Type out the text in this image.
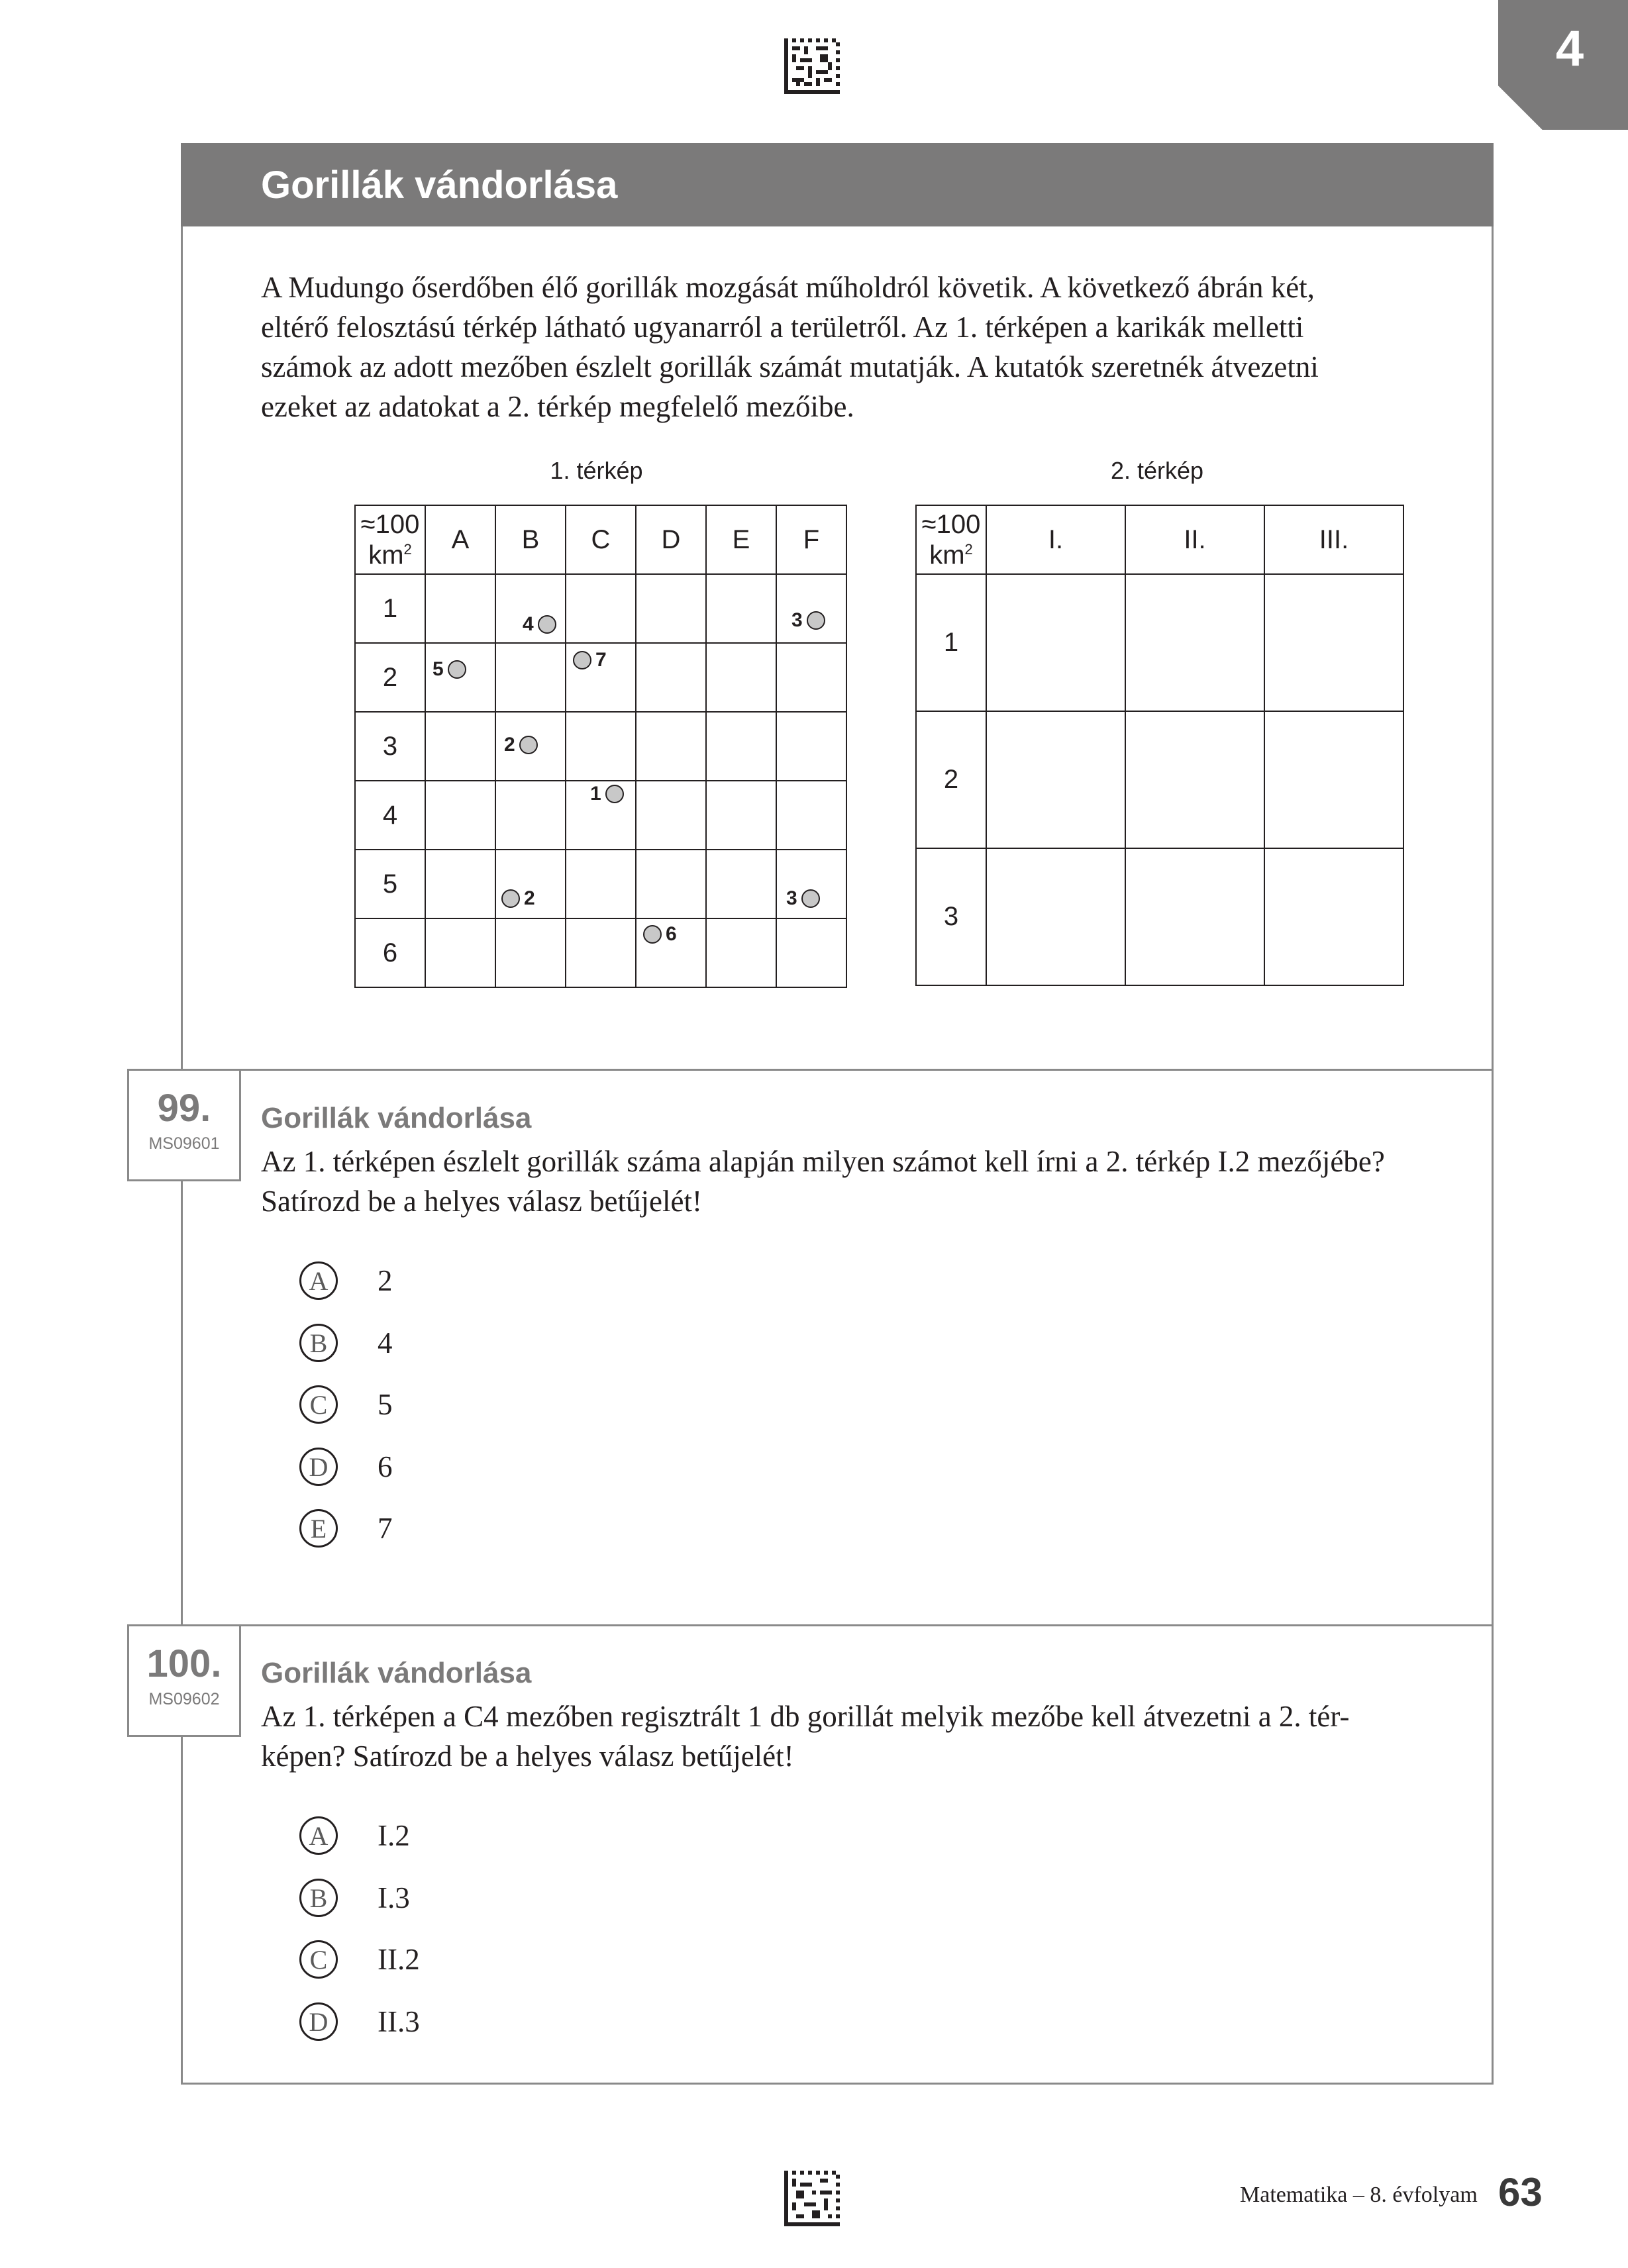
4
Gorillák vándorlása

A Mudungo őserdőben élő gorillák mozgását műholdról követik. A következő ábrán két,

eltérő felosztású térkép látható ugyanarról a területről. Az 1. térképen a karikák melletti

számok az adott mezőben észlelt gorillák számát mutatják. A kutatók szeretnék átvezetni

ezeket az adatokat a 2. térkép megfelelő mezőibe.

1. térkép
≈100
$km^2$	A	B	C	D	E	F
1		4				3

2	5		7			

3		2				

4			1			

5		2				3

6				6		

2. térkép
≈100
$km^2$	I.	II.	III.
1			
2			
3			
99.
MS09601
Gorillák vándorlása

Az 1. térképen észlelt gorillák száma alapján milyen számot kell írni a 2. térkép I.2 mezőjébe?

Satírozd be a helyes válasz betűjelét!

A	2
B	4
C	5
D	6
E	7
100.
MS09602
Gorillák vándorlása

Az 1. térképen a C4 mezőben regisztrált 1 db gorillát melyik mezőbe kell átvezetni a 2. tér-

képen? Satírozd be a helyes válasz betűjelét!

A	I.2
B	I.3
C	II.2
D	II.3
Matematika – 8. évfolyam 63
